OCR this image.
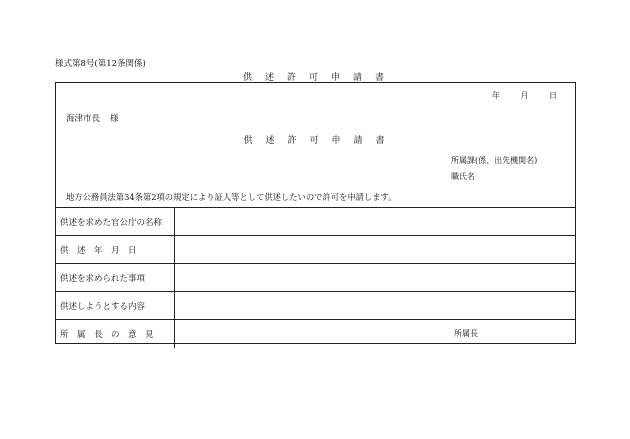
様式第8号(第12条関係)
供述許可申請書
年	月	日
海津市長 様
供述許可申請書
所属課(係、出先機関名)
職氏名
地方公務員法第34条第2項の規定により証人等として供述したいので許可を申請します。
供述を求めた官公庁の名称	
供　述　年　月　日	
供述を求められた事項	
供述しようとする内容	
所　属　長　の　意　見	所属長
